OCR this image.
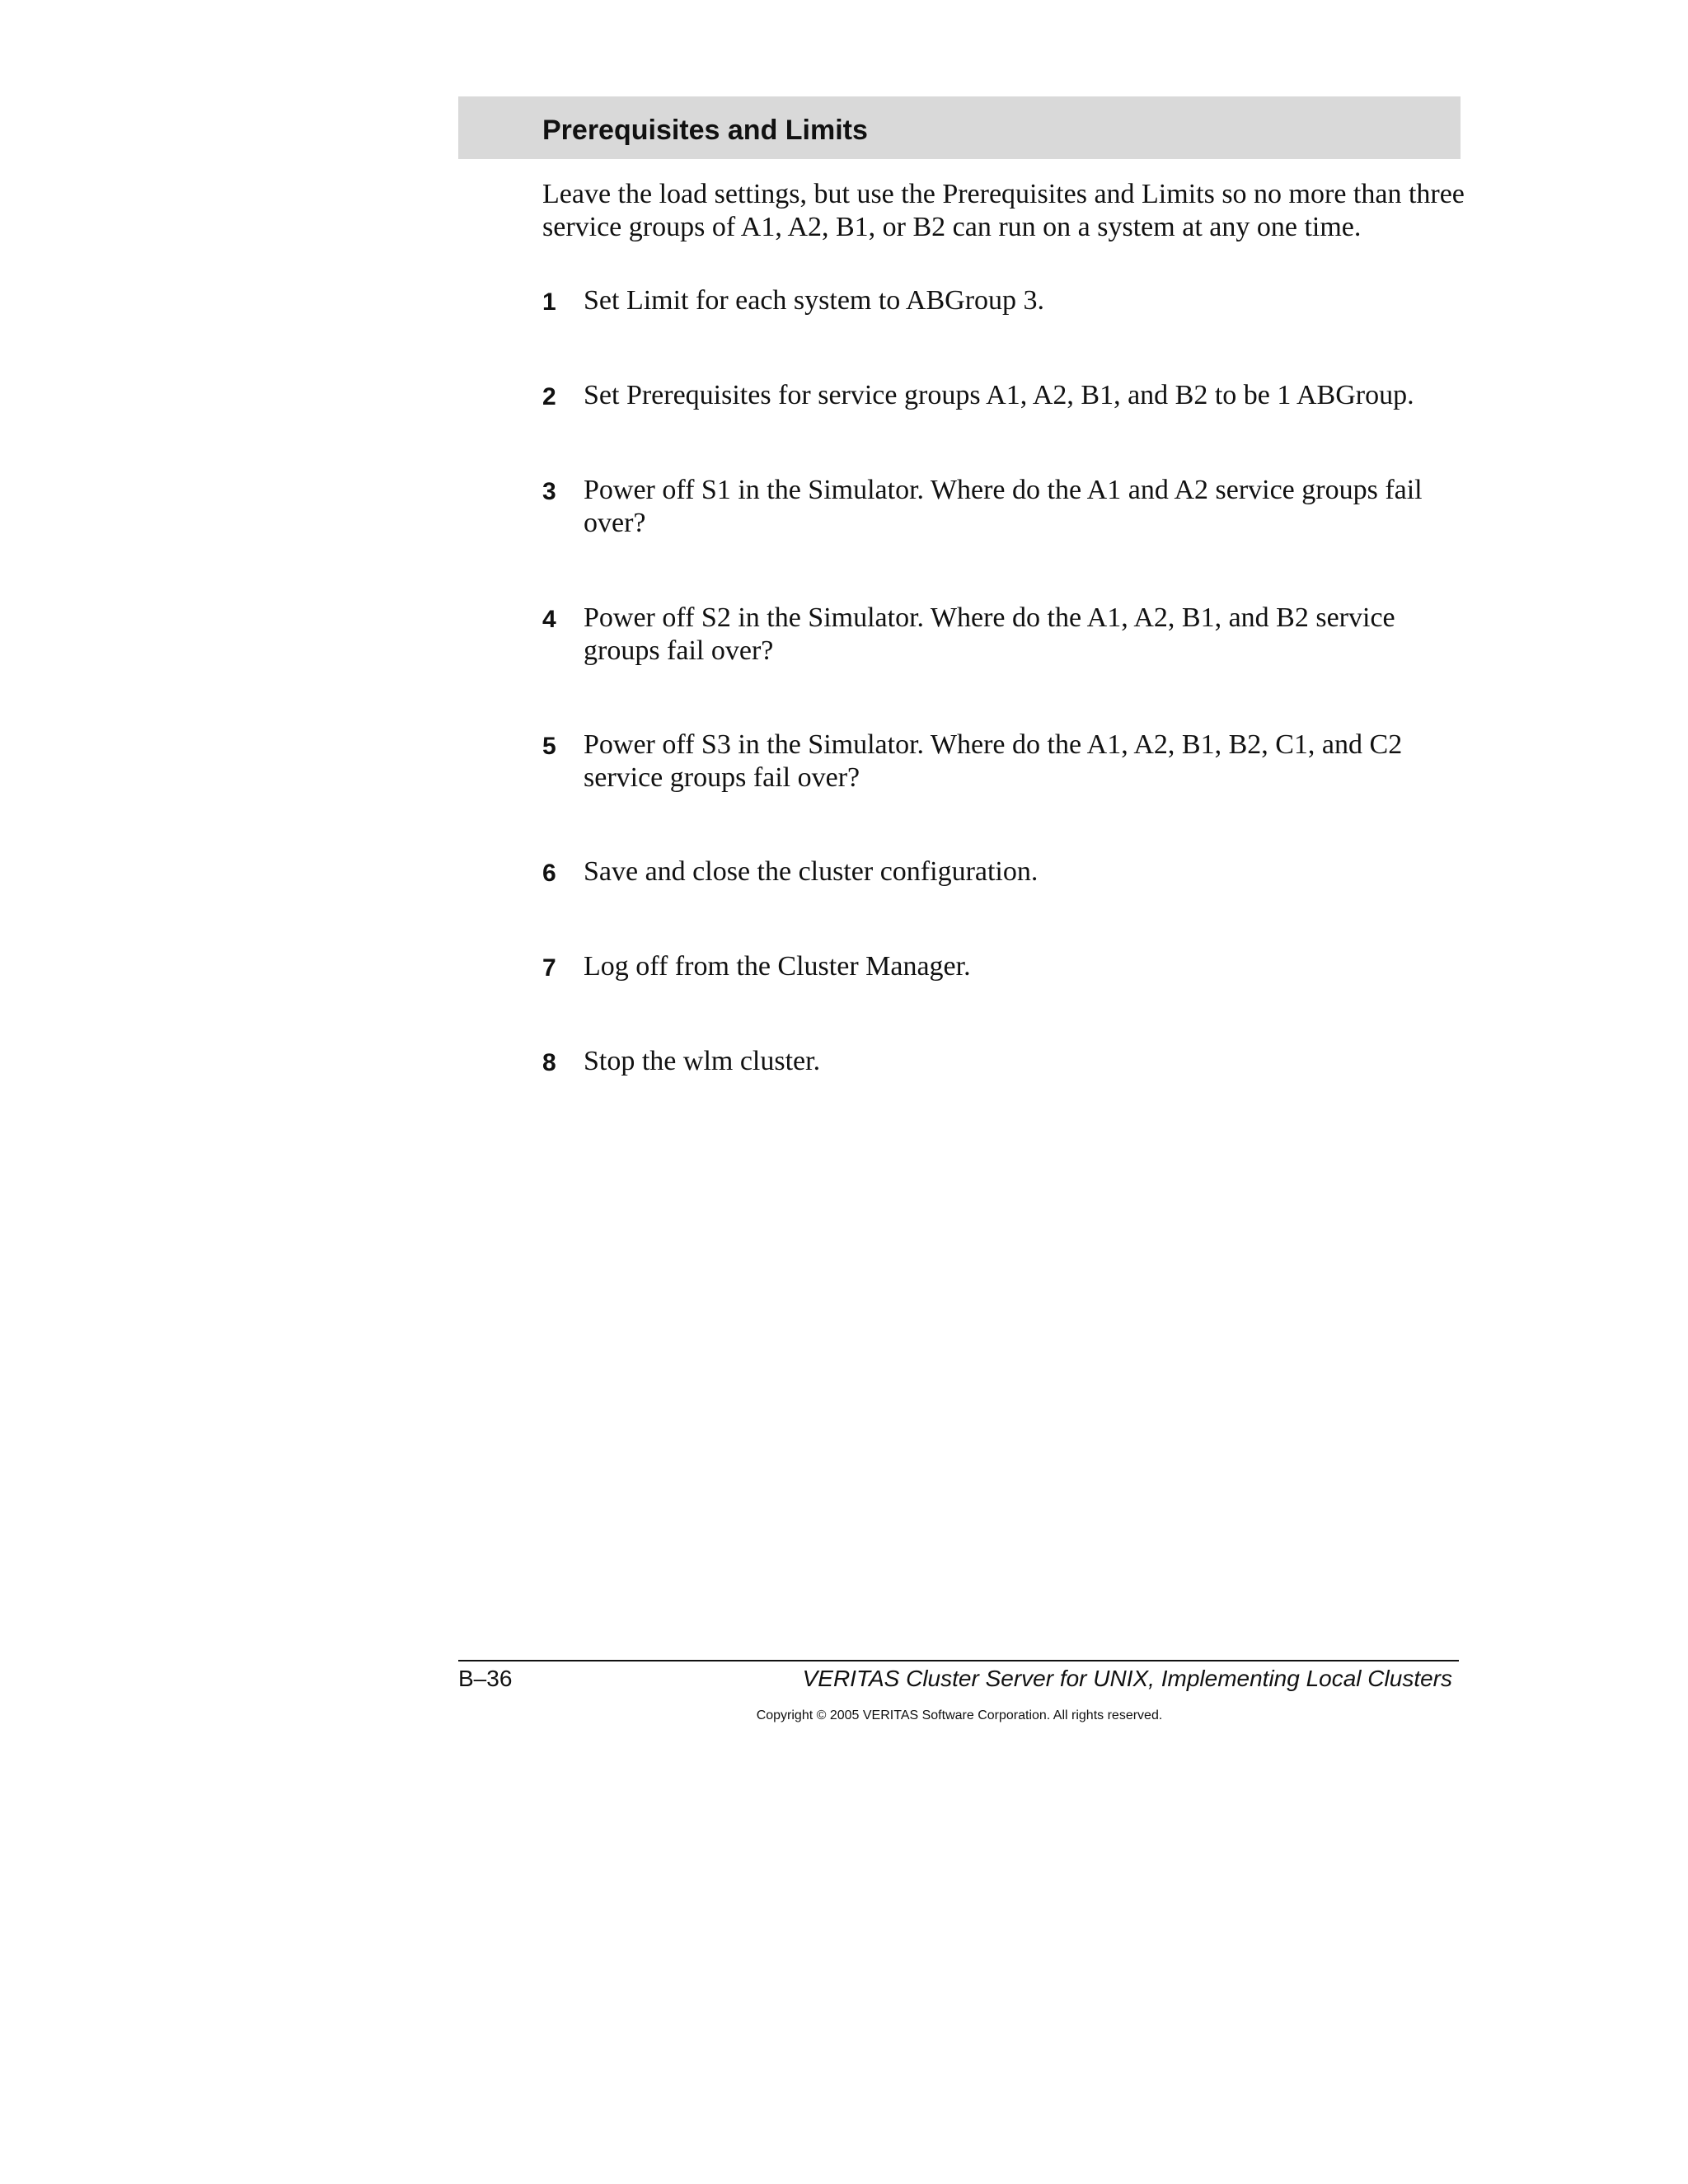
Prerequisites and Limits

Leave the load settings, but use the Prerequisites and Limits so no more than three service groups of A1, A2, B1, or B2 can run on a system at any one time.

1 Set Limit for each system to ABGroup 3.
2 Set Prerequisites for service groups A1, A2, B1, and B2 to be 1 ABGroup.
3 Power off S1 in the Simulator. Where do the A1 and A2 service groups fail over?
4 Power off S2 in the Simulator. Where do the A1, A2, B1, and B2 service groups fail over?
5 Power off S3 in the Simulator. Where do the A1, A2, B1, B2, C1, and C2 service groups fail over?
6 Save and close the cluster configuration.
7 Log off from the Cluster Manager.
8 Stop the wlm cluster.
B–36	VERITAS Cluster Server for UNIX, Implementing Local Clusters
Copyright © 2005 VERITAS Software Corporation. All rights reserved.
